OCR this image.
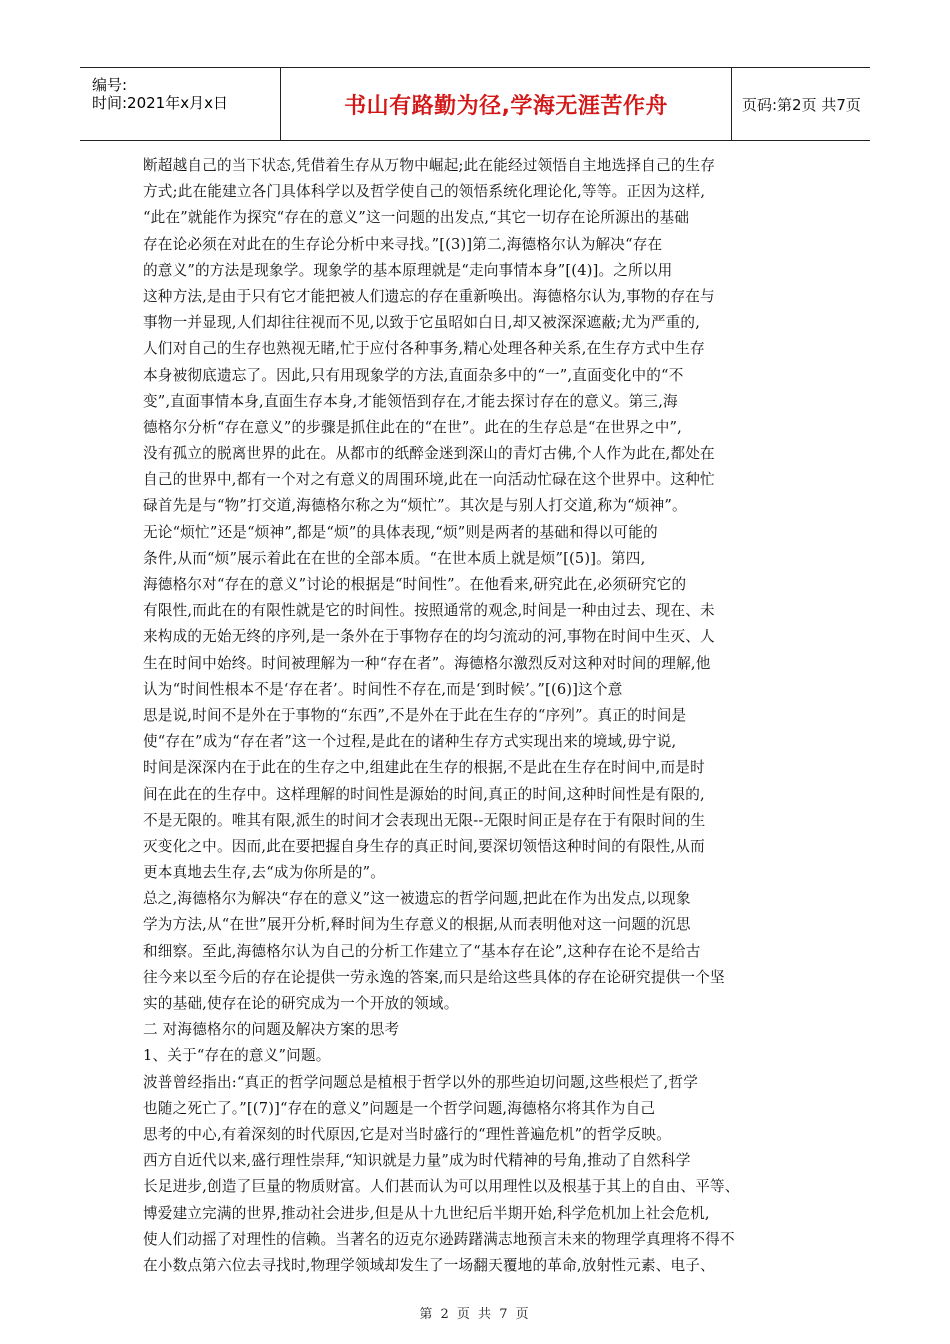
编号:
时间:2021年x月x日	书山有路勤为径,学海无涯苦作舟	页码:第2页 共7页
断超越自己的当下状态,凭借着生存从万物中崛起;此在能经过领悟自主地选择自己的生存
方式;此在能建立各门具体科学以及哲学使自己的领悟系统化理论化,等等。正因为这样,
“此在”就能作为探究“存在的意义”这一问题的出发点,“其它一切存在论所源出的基础
存在论必须在对此在的生存论分析中来寻找。”[(3)]第二,海德格尔认为解决“存在
的意义”的方法是现象学。现象学的基本原理就是“走向事情本身”[(4)]。之所以用
这种方法,是由于只有它才能把被人们遗忘的存在重新唤出。海德格尔认为,事物的存在与
事物一并显现,人们却往往视而不见,以致于它虽昭如白日,却又被深深遮蔽;尤为严重的,
人们对自己的生存也熟视无睹,忙于应付各种事务,精心处理各种关系,在生存方式中生存
本身被彻底遗忘了。因此,只有用现象学的方法,直面杂多中的“一”,直面变化中的“不
变”,直面事情本身,直面生存本身,才能领悟到存在,才能去探讨存在的意义。第三,海
德格尔分析“存在意义”的步骤是抓住此在的“在世”。此在的生存总是“在世界之中”,
没有孤立的脱离世界的此在。从都市的纸醉金迷到深山的青灯古佛,个人作为此在,都处在
自己的世界中,都有一个对之有意义的周围环境,此在一向活动忙碌在这个世界中。这种忙
碌首先是与“物”打交道,海德格尔称之为“烦忙”。其次是与别人打交道,称为“烦神”。
无论“烦忙”还是“烦神”,都是“烦”的具体表现,“烦”则是两者的基础和得以可能的
条件,从而“烦”展示着此在在世的全部本质。“在世本质上就是烦”[(5)]。第四,
海德格尔对“存在的意义”讨论的根据是“时间性”。在他看来,研究此在,必须研究它的
有限性,而此在的有限性就是它的时间性。按照通常的观念,时间是一种由过去、现在、未
来构成的无始无终的序列,是一条外在于事物存在的均匀流动的河,事物在时间中生灭、人
生在时间中始终。时间被理解为一种“存在者”。海德格尔激烈反对这种对时间的理解,他
认为“时间性根本不是‘存在者’。时间性不存在,而是‘到时候’。”[(6)]这个意
思是说,时间不是外在于事物的“东西”,不是外在于此在生存的“序列”。真正的时间是
使“存在”成为“存在者”这一个过程,是此在的诸种生存方式实现出来的境域,毋宁说,
时间是深深内在于此在的生存之中,组建此在生存的根据,不是此在生存在时间中,而是时
间在此在的生存中。这样理解的时间性是源始的时间,真正的时间,这种时间性是有限的,
不是无限的。唯其有限,派生的时间才会表现出无限--无限时间正是存在于有限时间的生
灭变化之中。因而,此在要把握自身生存的真正时间,要深切领悟这种时间的有限性,从而
更本真地去生存,去“成为你所是的”。
总之,海德格尔为解决“存在的意义”这一被遗忘的哲学问题,把此在作为出发点,以现象
学为方法,从“在世”展开分析,释时间为生存意义的根据,从而表明他对这一问题的沉思
和细察。至此,海德格尔认为自己的分析工作建立了“基本存在论”,这种存在论不是给古
往今来以至今后的存在论提供一劳永逸的答案,而只是给这些具体的存在论研究提供一个坚
实的基础,使存在论的研究成为一个开放的领域。
二 对海德格尔的问题及解决方案的思考
1、关于“存在的意义”问题。
波普曾经指出:“真正的哲学问题总是植根于哲学以外的那些迫切问题,这些根烂了,哲学
也随之死亡了。”[(7)]“存在的意义”问题是一个哲学问题,海德格尔将其作为自己
思考的中心,有着深刻的时代原因,它是对当时盛行的“理性普遍危机”的哲学反映。
西方自近代以来,盛行理性崇拜,“知识就是力量”成为时代精神的号角,推动了自然科学
长足进步,创造了巨量的物质财富。人们甚而认为可以用理性以及根基于其上的自由、平等、
博爱建立完满的世界,推动社会进步,但是从十九世纪后半期开始,科学危机加上社会危机,
使人们动摇了对理性的信赖。当著名的迈克尔逊踌躇满志地预言未来的物理学真理将不得不
在小数点第六位去寻找时,物理学领域却发生了一场翻天覆地的革命,放射性元素、电子、
第 2 页 共 7 页
